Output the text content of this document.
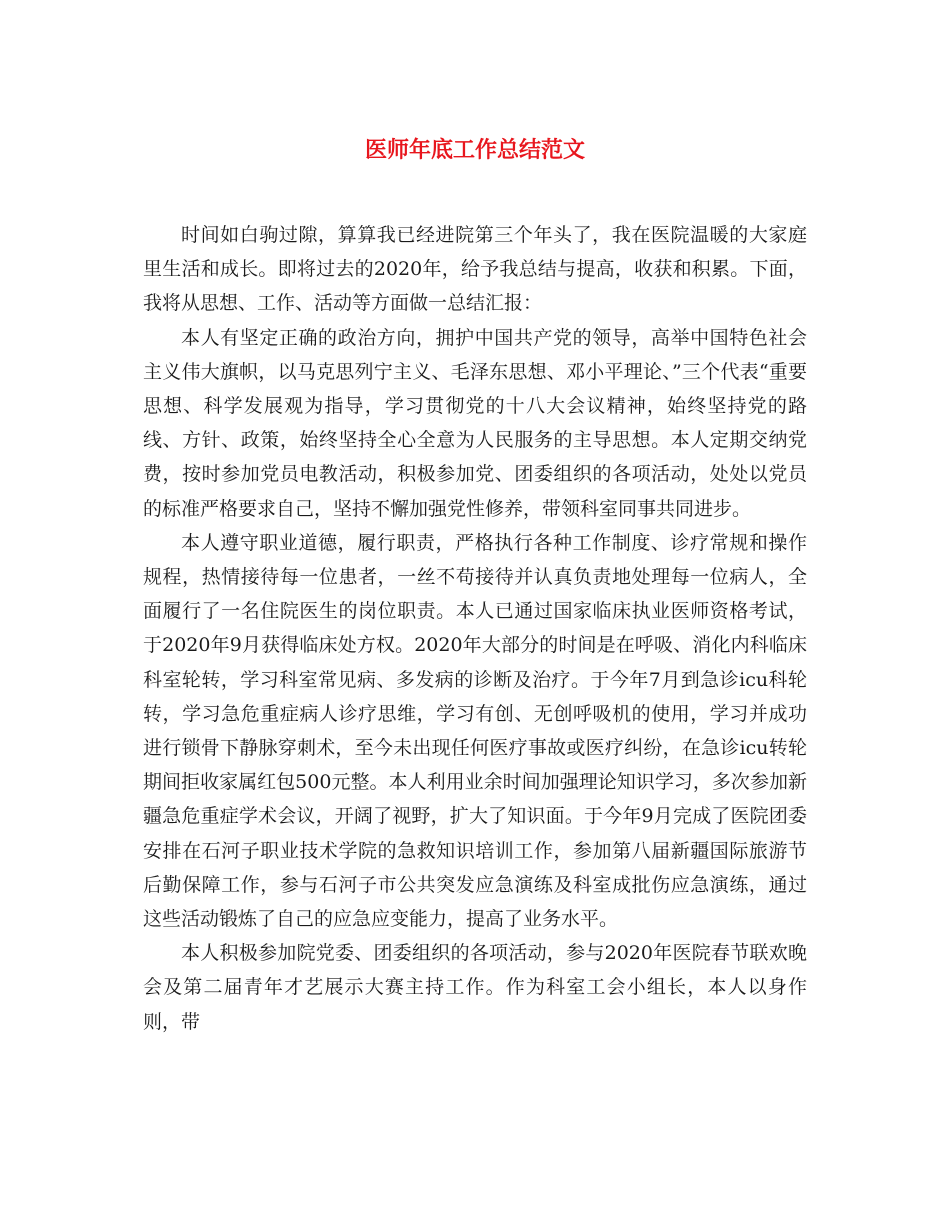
医师年底工作总结范文

时间如白驹过隙，算算我已经进院第三个年头了，我在医院温暖的大家庭里生活和成长。即将过去的2020年，给予我总结与提高，收获和积累。下面，我将从思想、工作、活动等方面做一总结汇报：

本人有坚定正确的政治方向，拥护中国共产党的领导，高举中国特色社会主义伟大旗帜，以马克思列宁主义、毛泽东思想、邓小平理论、”三个代表“重要思想、科学发展观为指导，学习贯彻党的十八大会议精神，始终坚持党的路线、方针、政策，始终坚持全心全意为人民服务的主导思想。本人定期交纳党费，按时参加党员电教活动，积极参加党、团委组织的各项活动，处处以党员的标准严格要求自己，坚持不懈加强党性修养，带领科室同事共同进步。

本人遵守职业道德，履行职责，严格执行各种工作制度、诊疗常规和操作规程，热情接待每一位患者，一丝不苟接待并认真负责地处理每一位病人，全面履行了一名住院医生的岗位职责。本人已通过国家临床执业医师资格考试，于2020年9月获得临床处方权。2020年大部分的时间是在呼吸、消化内科临床科室轮转，学习科室常见病、多发病的诊断及治疗。于今年7月到急诊icu科轮转，学习急危重症病人诊疗思维，学习有创、无创呼吸机的使用，学习并成功进行锁骨下静脉穿刺术，至今未出现任何医疗事故或医疗纠纷，在急诊icu转轮期间拒收家属红包500元整。本人利用业余时间加强理论知识学习，多次参加新疆急危重症学术会议，开阔了视野，扩大了知识面。于今年9月完成了医院团委安排在石河子职业技术学院的急救知识培训工作，参加第八届新疆国际旅游节后勤保障工作，参与石河子市公共突发应急演练及科室成批伤应急演练，通过这些活动锻炼了自己的应急应变能力，提高了业务水平。

本人积极参加院党委、团委组织的各项活动，参与2020年医院春节联欢晚会及第二届青年才艺展示大赛主持工作。作为科室工会小组长，本人以身作则，带
